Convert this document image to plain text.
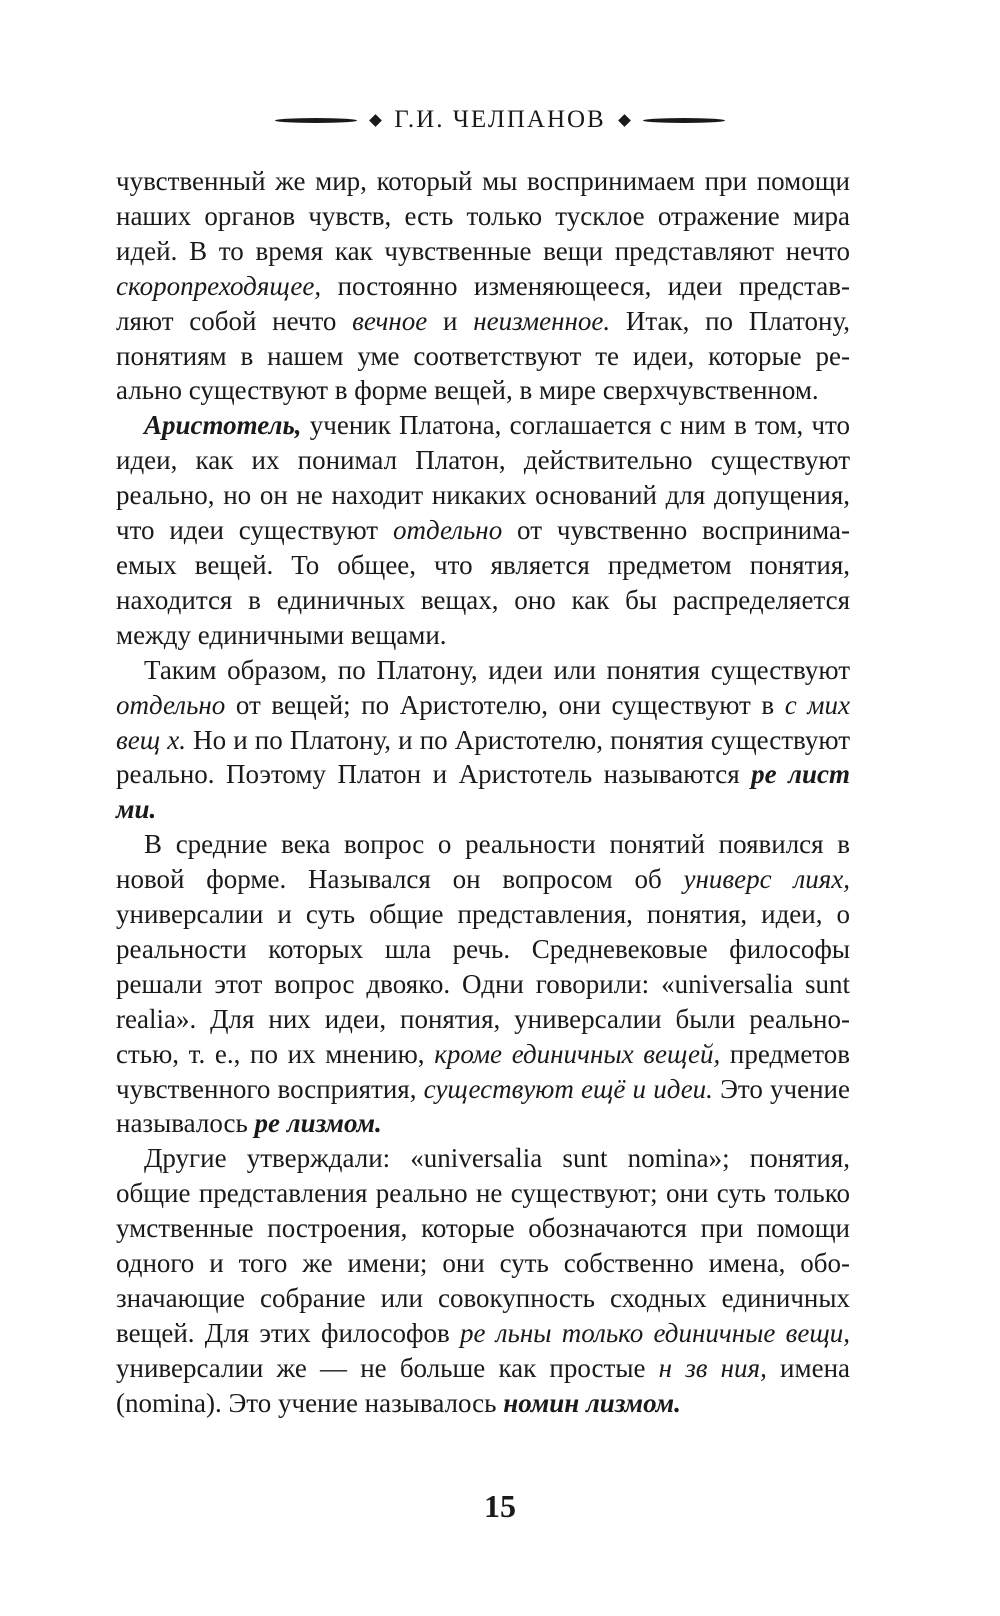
Г.И. ЧЕЛПАНОВ

чувственный же мир, который мы воспринимаем при помощи наших органов чувств, есть только тусклое отражение мира идей. В то время как чувственные вещи представляют нечто скоропреходящее, постоянно изменяющееся, идеи представляют собой нечто вечное и неизменное. Итак, по Платону, понятиям в нашем уме соответствуют те идеи, которые реально существуют в форме вещей, в мире сверхчувственном.

Аристотель, ученик Платона, соглашается с ним в том, что идеи, как их понимал Платон, действительно существуют реально, но он не находит никаких оснований для допущения, что идеи существуют отдельно от чувственно воспринимаемых вещей. То общее, что является предметом понятия, находится в единичных вещах, оно как бы распределяется между единичными вещами.

Таким образом, по Платону, идеи или понятия существуют отдельно от вещей; по Аристотелю, они существуют в с мих вещ х. Но и по Платону, и по Аристотелю, понятия существуют реально. Поэтому Платон и Аристотель называются ре лист ми.

В средние века вопрос о реальности понятий появился в новой форме. Назывался он вопросом об универс лиях, универсалии и суть общие представления, понятия, идеи, о реальности которых шла речь. Средневековые философы решали этот вопрос двояко. Одни говорили: «universalia sunt realia». Для них идеи, понятия, универсалии были реальностью, т. е., по их мнению, кроме единичных вещей, предметов чувственного восприятия, существуют ещё и идеи. Это учение называлось ре лизмом.

Другие утверждали: «universalia sunt nomina»; понятия, общие представления реально не существуют; они суть только умственные построения, которые обозначаются при помощи одного и того же имени; они суть собственно имена, обозначающие собрание или совокупность сходных единичных вещей. Для этих философов ре льны только единичные вещи, универсалии же — не больше как простые н зв ния, имена (nomina). Это учение называлось номин лизмом.

15
